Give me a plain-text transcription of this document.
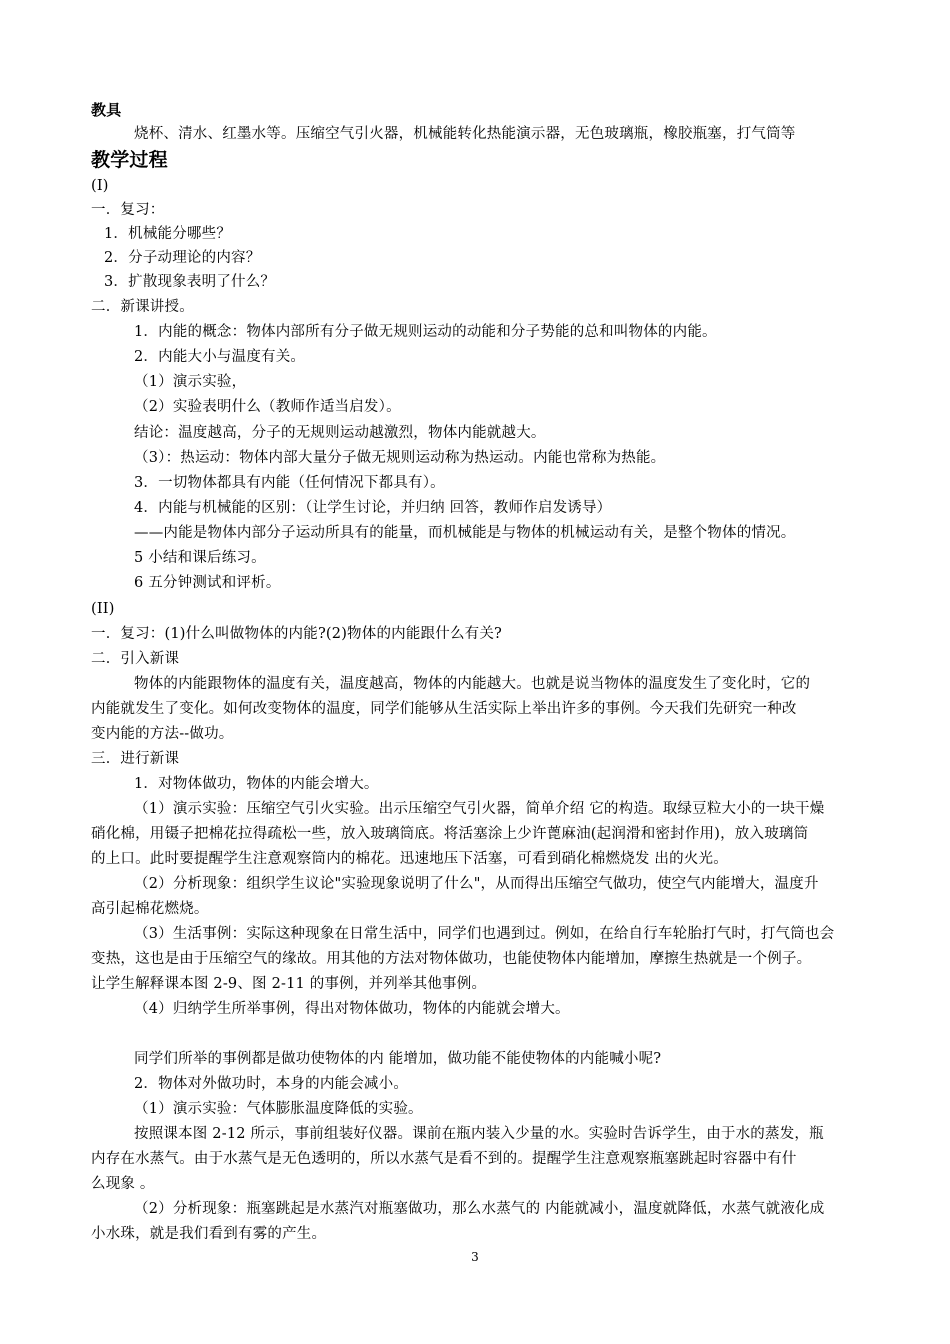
教具
烧杯、清水、红墨水等。压缩空气引火器，机械能转化热能演示器，无色玻璃瓶，橡胶瓶塞，打气筒等
教学过程
(I)
一．复习：
1．机械能分哪些？
2．分子动理论的内容？
3．扩散现象表明了什么？
二．新课讲授。
1．内能的概念：物体内部所有分子做无规则运动的动能和分子势能的总和叫物体的内能。
2．内能大小与温度有关。
（1）演示实验，
（2）实验表明什么（教师作适当启发）。
结论：温度越高，分子的无规则运动越激烈，物体内能就越大。
（3）：热运动：物体内部大量分子做无规则运动称为热运动。内能也常称为热能。
3．一切物体都具有内能（任何情况下都具有）。
4．内能与机械能的区别：（让学生讨论，并归纳 回答，教师作启发诱导）
——内能是物体内部分子运动所具有的能量，而机械能是与物体的机械运动有关，是整个物体的情况。
5 小结和课后练习。
6 五分钟测试和评析。
(II)
一．复习：(1)什么叫做物体的内能?(2)物体的内能跟什么有关?
二．引入新课
物体的内能跟物体的温度有关，温度越高，物体的内能越大。也就是说当物体的温度发生了变化时，它的
内能就发生了变化。如何改变物体的温度，同学们能够从生活实际上举出许多的事例。今天我们先研究一种改
变内能的方法--做功。
三．进行新课
1．对物体做功，物体的内能会增大。
（1）演示实验：压缩空气引火实验。出示压缩空气引火器，简单介绍 它的构造。取绿豆粒大小的一块干燥
硝化棉，用镊子把棉花拉得疏松一些，放入玻璃筒底。将活塞涂上少许蓖麻油(起润滑和密封作用)，放入玻璃筒
的上口。此时要提醒学生注意观察筒内的棉花。迅速地压下活塞，可看到硝化棉燃烧发 出的火光。
（2）分析现象：组织学生议论"实验现象说明了什么"，从而得出压缩空气做功，使空气内能增大，温度升
高引起棉花燃烧。
（3）生活事例：实际这种现象在日常生活中，同学们也遇到过。例如，在给自行车轮胎打气时，打气筒也会
变热，这也是由于压缩空气的缘故。用其他的方法对物体做功，也能使物体内能增加，摩擦生热就是一个例子。
让学生解释课本图 2-9、图 2-11 的事例，并列举其他事例。
（4）归纳学生所举事例，得出对物体做功，物体的内能就会增大。
同学们所举的事例都是做功使物体的内 能增加，做功能不能使物体的内能喊小呢?
2．物体对外做功时，本身的内能会减小。
（1）演示实验：气体膨胀温度降低的实验。
按照课本图 2-12 所示，事前组装好仪器。课前在瓶内装入少量的水。实验时告诉学生，由于水的蒸发，瓶
内存在水蒸气。由于水蒸气是无色透明的，所以水蒸气是看不到的。提醒学生注意观察瓶塞跳起时容器中有什
么现象 。
（2）分析现象：瓶塞跳起是水蒸汽对瓶塞做功，那么水蒸气的 内能就减小，温度就降低，水蒸气就液化成
小水珠，就是我们看到有雾的产生。
3
